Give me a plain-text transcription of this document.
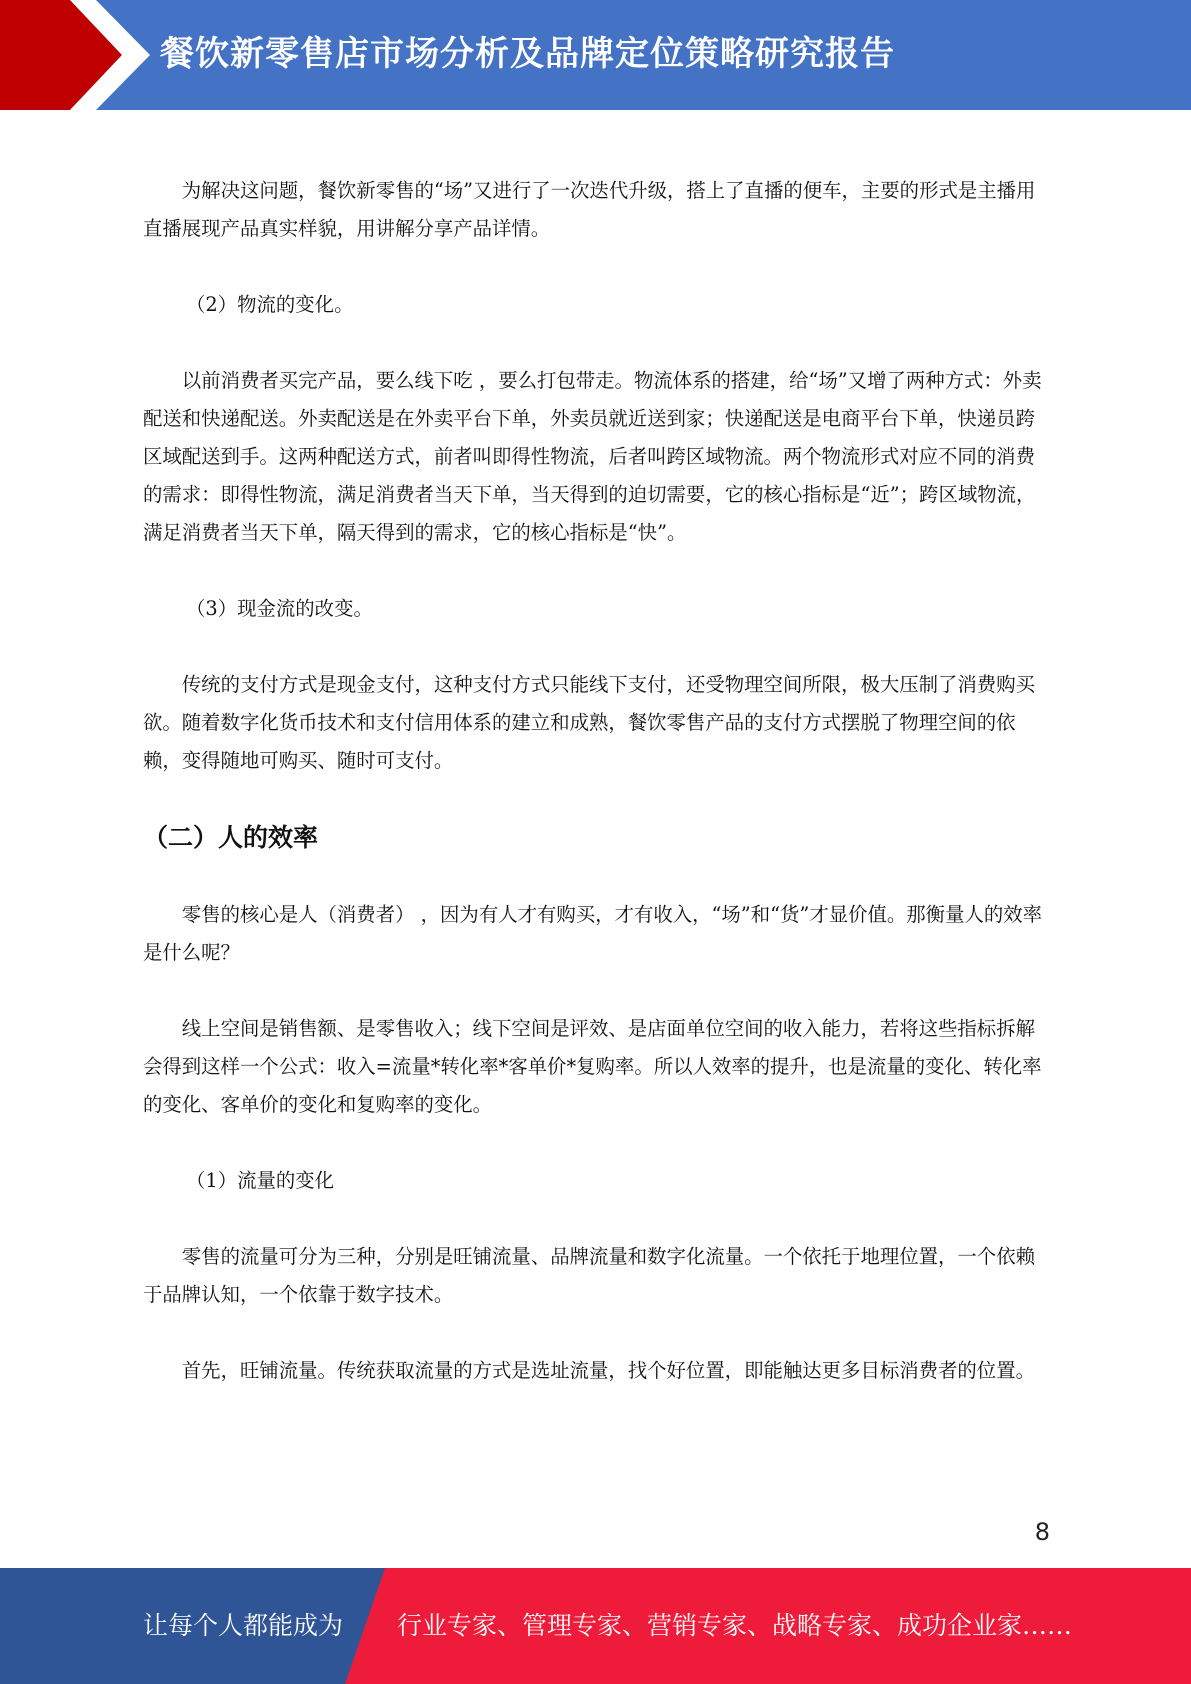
餐饮新零售店市场分析及品牌定位策略研究报告

为解决这问题，餐饮新零售的“场”又进行了一次迭代升级，搭上了直播的便车，主要的形式是主播用直播展现产品真实样貌，用讲解分享产品详情。

（2）物流的变化。

以前消费者买完产品，要么线下吃 ，要么打包带走。物流体系的搭建，给“场”又增了两种方式：外卖配送和快递配送。外卖配送是在外卖平台下单，外卖员就近送到家；快递配送是电商平台下单，快递员跨区域配送到手。这两种配送方式，前者叫即得性物流，后者叫跨区域物流。两个物流形式对应不同的消费的需求：即得性物流，满足消费者当天下单，当天得到的迫切需要，它的核心指标是“近”；跨区域物流，满足消费者当天下单，隔天得到的需求，它的核心指标是“快”。

（3）现金流的改变。

传统的支付方式是现金支付，这种支付方式只能线下支付，还受物理空间所限，极大压制了消费购买欲。随着数字化货币技术和支付信用体系的建立和成熟，餐饮零售产品的支付方式摆脱了物理空间的依赖，变得随地可购买、随时可支付。

（二）人的效率

零售的核心是人（消费者） ，因为有人才有购买，才有收入，“场”和“货”才显价值。那衡量人的效率是什么呢？

线上空间是销售额、是零售收入；线下空间是评效、是店面单位空间的收入能力，若将这些指标拆解会得到这样一个公式：收入=流量*转化率*客单价*复购率。所以人效率的提升，也是流量的变化、转化率的变化、客单价的变化和复购率的变化。

（1）流量的变化

零售的流量可分为三种，分别是旺铺流量、品牌流量和数字化流量。一个依托于地理位置，一个依赖于品牌认知，一个依靠于数字技术。

首先，旺铺流量。传统获取流量的方式是选址流量，找个好位置，即能触达更多目标消费者的位置。

8
让每个人都能成为 行业专家、管理专家、营销专家、战略专家、成功企业家……
